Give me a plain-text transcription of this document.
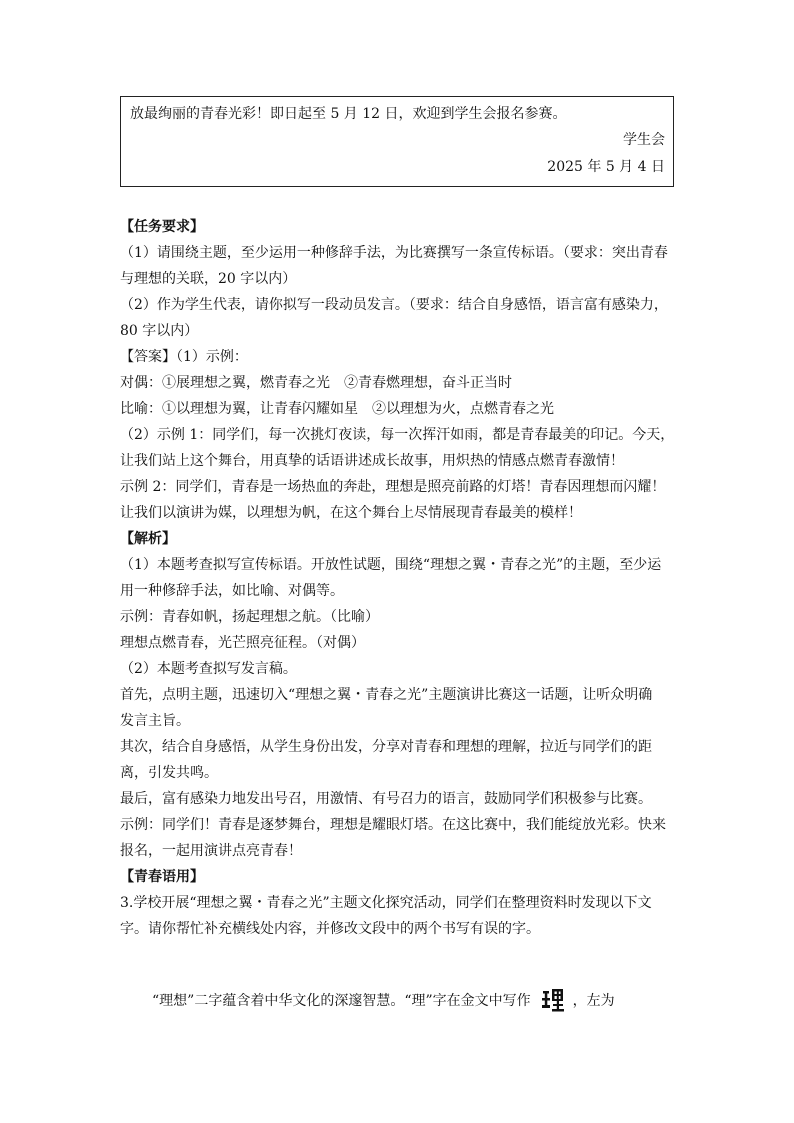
放最绚丽的青春光彩！即日起至 5 月 12 日，欢迎到学生会报名参赛。
学生会
2025 年 5 月 4 日
【任务要求】
（1）请围绕主题，至少运用一种修辞手法，为比赛撰写一条宣传标语。（要求：突出青春
与理想的关联，20 字以内）
（2）作为学生代表，请你拟写一段动员发言。（要求：结合自身感悟，语言富有感染力，
80 字以内）
【答案】（1）示例：
对偶：①展理想之翼，燃青春之光　②青春燃理想，奋斗正当时
比喻：①以理想为翼，让青春闪耀如星　②以理想为火，点燃青春之光
（2）示例 1：同学们，每一次挑灯夜读，每一次挥汗如雨，都是青春最美的印记。今天，
让我们站上这个舞台，用真挚的话语讲述成长故事，用炽热的情感点燃青春激情！
示例 2：同学们，青春是一场热血的奔赴，理想是照亮前路的灯塔！青春因理想而闪耀！
让我们以演讲为媒，以理想为帆，在这个舞台上尽情展现青春最美的模样！
【解析】
（1）本题考查拟写宣传标语。开放性试题，围绕“理想之翼・青春之光”的主题，至少运
用一种修辞手法，如比喻、对偶等。
示例：青春如帆，扬起理想之航。（比喻）
理想点燃青春，光芒照亮征程。（对偶）
（2）本题考查拟写发言稿。
首先，点明主题，迅速切入“理想之翼・青春之光”主题演讲比赛这一话题，让听众明确
发言主旨。
其次，结合自身感悟，从学生身份出发，分享对青春和理想的理解，拉近与同学们的距
离，引发共鸣。
最后，富有感染力地发出号召，用激情、有号召力的语言，鼓励同学们积极参与比赛。
示例：同学们！青春是逐梦舞台，理想是耀眼灯塔。在这比赛中，我们能绽放光彩。快来
报名，一起用演讲点亮青春！
【青春语用】
3.学校开展“理想之翼・青春之光”主题文化探究活动，同学们在整理资料时发现以下文
字。请你帮忙补充横线处内容，并修改文段中的两个书写有误的字。
“理想”二字蕴含着中华文化的深邃智慧。“理”字在金文中写作	，左为
